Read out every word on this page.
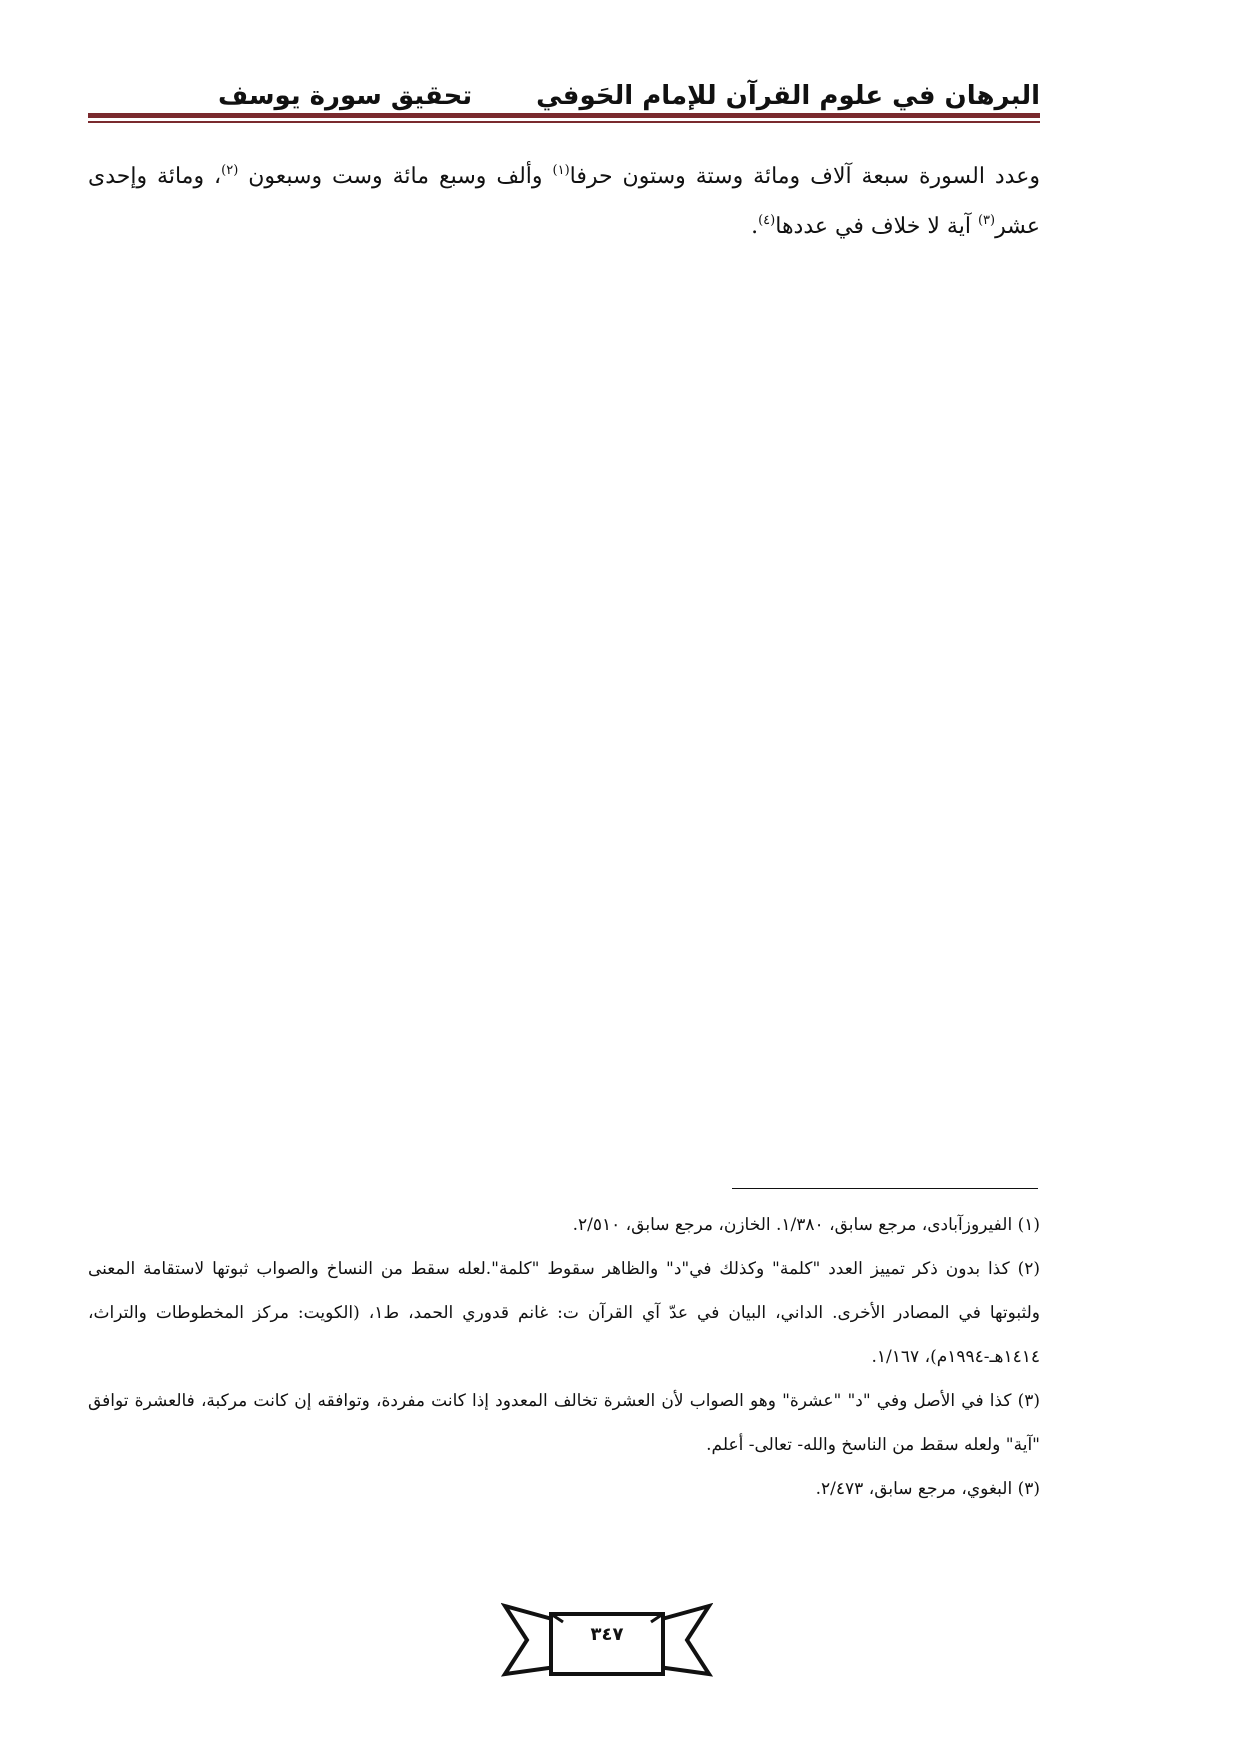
البرهان في علوم القرآن للإمام الحَوفي
تحقيق سورة يوسف

وعدد السورة سبعة آلاف ومائة وستة وستون حرفا$^{(١)}$ وألف وسبع مائة وست وسبعون $^{(٢)}$، ومائة وإحدى عشر$^{(٣)}$ آية لا خلاف في عددها$^{(٤)}$.

(١) الفيروزآبادى، مرجع سابق، ١/٣٨٠. الخازن، مرجع سابق، ٢/٥١٠.

(٢) كذا بدون ذكر تمييز العدد "كلمة" وكذلك في"د" والظاهر سقوط "كلمة".لعله سقط من النساخ والصواب ثبوتها لاستقامة المعنى ولثبوتها في المصادر الأخرى. الداني، البيان في عدّ آي القرآن ت: غانم قدوري الحمد، ط١، (الكويت: مركز المخطوطات والتراث، ١٤١٤هـ-١٩٩٤م)، ١/١٦٧.

(٣) كذا في الأصل وفي "د" "عشرة" وهو الصواب لأن العشرة تخالف المعدود إذا كانت مفردة، وتوافقه إن كانت مركبة، فالعشرة توافق "آية" ولعله سقط من الناسخ والله- تعالى- أعلم.

(٣) البغوي، مرجع سابق، ٢/٤٧٣.

٣٤٧
